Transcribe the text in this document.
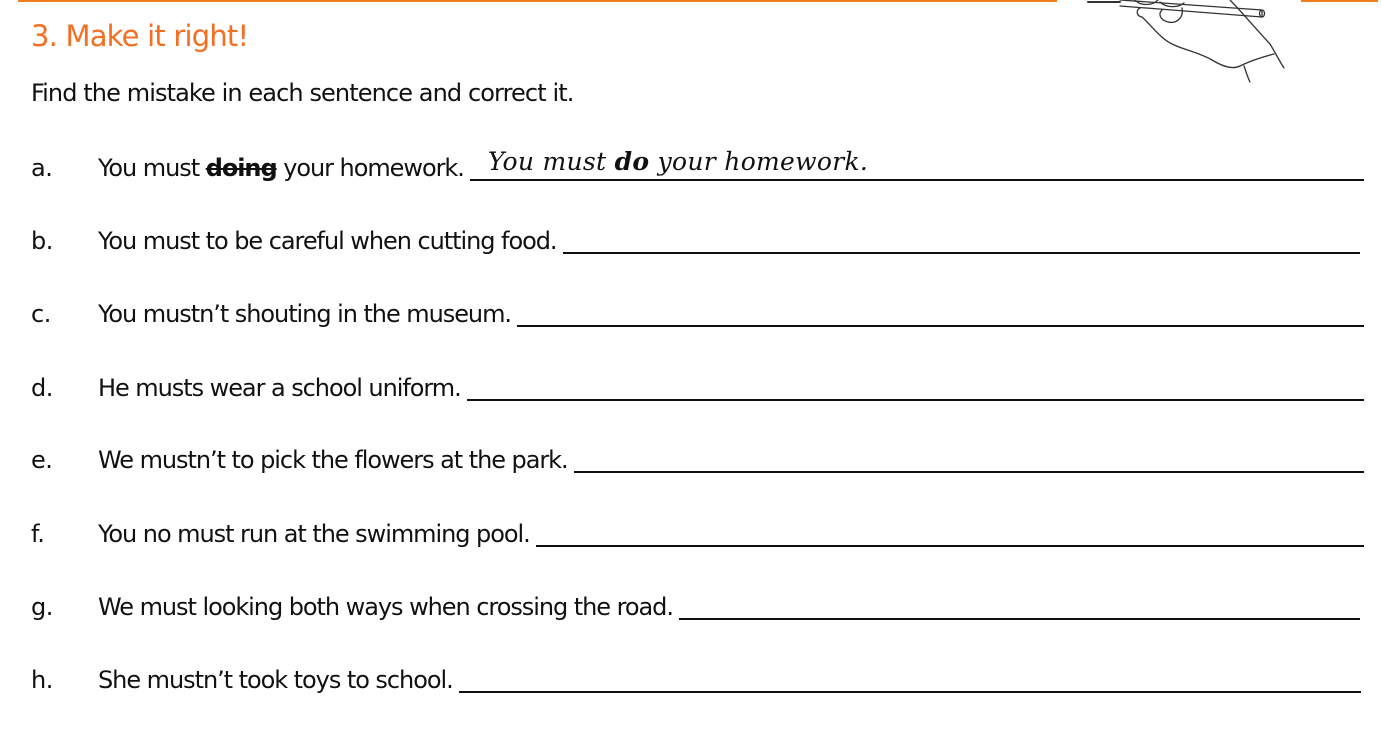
3. Make it right!

Find the mistake in each sentence and correct it.

a.	You must doing your homework. You must do your homework.
b.	You must to be careful when cutting food.
c.	You mustn’t shouting in the museum.
d.	He musts wear a school uniform.
e.	We mustn’t to pick the flowers at the park.
f.	You no must run at the swimming pool.
g.	We must looking both ways when crossing the road.
h.	She mustn’t took toys to school.
